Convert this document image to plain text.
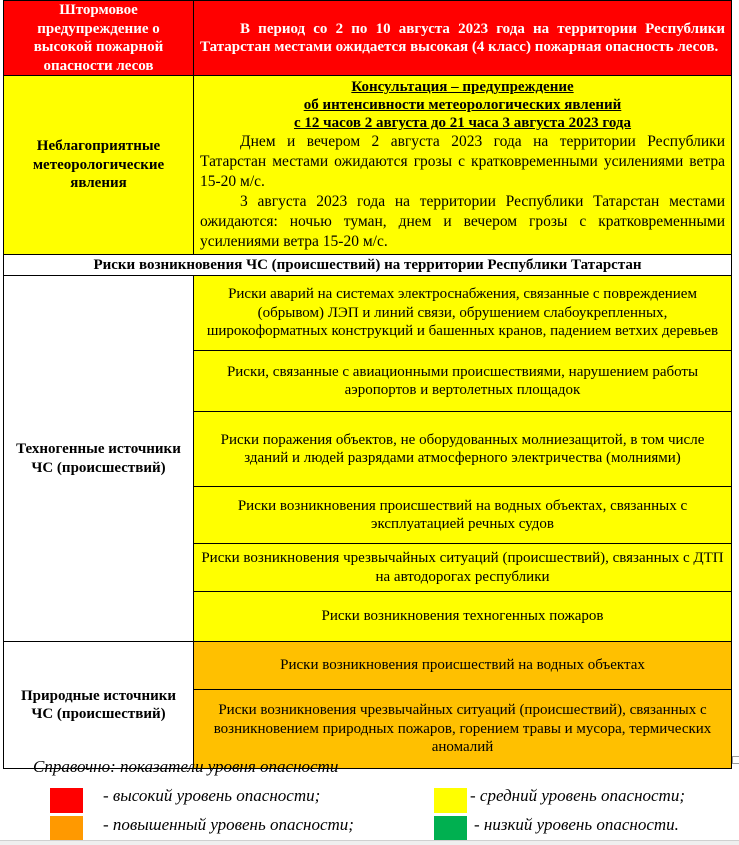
Штормовое предупреждение о высокой пожарной опасности лесов	В период со 2 по 10 августа 2023 года на территории Республики Татарстан местами ожидается высокая (4 класс) пожарная опасность лесов.
Неблагоприятные метеорологические явления	Консультация – предупреждение
об интенсивности метеорологических явлений
с 12 часов 2 августа до 21 часа 3 августа 2023 года

Днем и вечером 2 августа 2023 года на территории Республики Татарстан местами ожидаются грозы с кратковременными усилениями ветра 15-20 м/с.

3 августа 2023 года на территории Республики Татарстан местами ожидаются: ночью туман, днем и вечером грозы с кратковременными усилениями ветра 15-20 м/с.

Риски возникновения ЧС (происшествий) на территории Республики Татарстан	
Техногенные источники ЧС (происшествий)	Риски аварий на системах электроснабжения, связанные с повреждением (обрывом) ЛЭП и линий связи, обрушением слабоукрепленных, широкоформатных конструкций и башенных кранов, падением ветхих деревьев
	Риски, связанные с авиационными происшествиями, нарушением работы аэропортов и вертолетных площадок
	Риски поражения объектов, не оборудованных молниезащитой, в том числе зданий и людей разрядами атмосферного электричества (молниями)
	Риски возникновения происшествий на водных объектах, связанных с эксплуатацией речных судов
	Риски возникновения чрезвычайных ситуаций (происшествий), связанных с ДТП на автодорогах республики
	Риски возникновения техногенных пожаров
Природные источники ЧС (происшествий)	Риски возникновения происшествий на водных объектах
	Риски возникновения чрезвычайных ситуаций (происшествий), связанных с возникновением природных пожаров, горением травы и мусора, термических аномалий
Справочно: показатели уровня опасности
- высокий уровень опасности;
- повышенный уровень опасности;
- средний уровень опасности;
- низкий уровень опасности.
